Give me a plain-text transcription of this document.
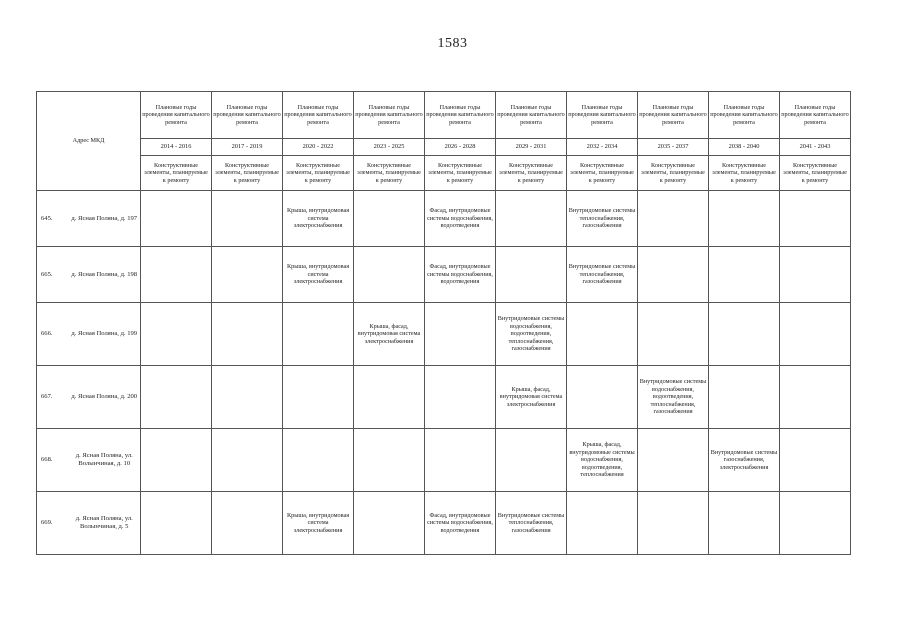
1583
Адрес МКД		Плановые годы проведения капитального ремонта	Плановые годы проведения капитального ремонта	Плановые годы проведения капитального ремонта	Плановые годы проведения капитального ремонта	Плановые годы проведения капитального ремонта	Плановые годы проведения капитального ремонта	Плановые годы проведения капитального ремонта	Плановые годы проведения капитального ремонта	Плановые годы проведения капитального ремонта	Плановые годы проведения капитального ремонта
		2014 - 2016	2017 - 2019	2020 - 2022	2023 - 2025	2026 - 2028	2029 - 2031	2032 - 2034	2035 - 2037	2038 - 2040	2041 - 2043
		Конструктивные элементы, планируемые к ремонту	Конструктивные элементы, планируемые к ремонту	Конструктивные элементы, планируемые к ремонту	Конструктивные элементы, планируемые к ремонту	Конструктивные элементы, планируемые к ремонту	Конструктивные элементы, планируемые к ремонту	Конструктивные элементы, планируемые к ремонту	Конструктивные элементы, планируемые к ремонту	Конструктивные элементы, планируемые к ремонту	Конструктивные элементы, планируемые к ремонту
645.	д. Ясная Поляна, д. 197			Крыша, внутридомовая система электроснабжения		Фасад, внутридомовые системы водоснабжения, водоотведения		Внутридомовые системы теплоснабжения, газоснабжения			
665.	д. Ясная Поляна, д. 198			Крыша, внутридомовая система электроснабжения		Фасад, внутридомовые системы водоснабжения, водоотведения		Внутридомовые системы теплоснабжения, газоснабжения			
666.	д. Ясная Поляна, д. 199				Крыша, фасад, внутридомовая система электроснабжения		Внутридомовые системы водоснабжения, водоотведения, теплоснабжения, газоснабжения				
667.	д. Ясная Поляна, д. 200						Крыша, фасад, внутридомовая система электроснабжения		Внутридомовые системы водоснабжения, водоотведения, теплоснабжения, газоснабжения		
668.	д. Ясная Поляна, ул. Волынчиная, д. 10							Крыша, фасад, внутридомовые системы водоснабжения, водоотведения, теплоснабжения		Внутридомовые системы газоснабжения, электроснабжения	
669.	д. Ясная Поляна, ул. Волынчиная, д. 5			Крыша, внутридомовая система электроснабжения		Фасад, внутридомовые системы водоснабжения, водоотведения	Внутридомовые системы теплоснабжения, газоснабжения				
